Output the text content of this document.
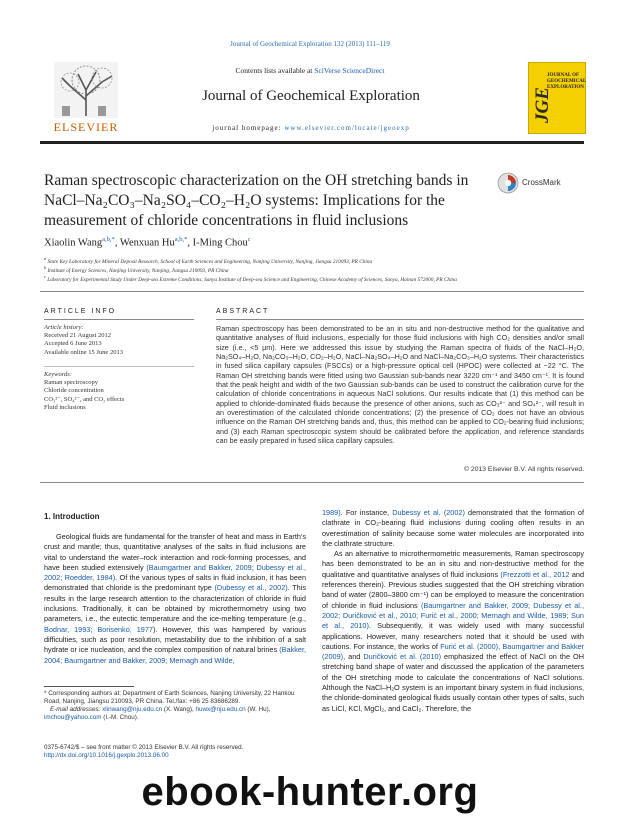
Journal of Geochemical Exploration 132 (2013) 111–119
ELSEVIER
Contents lists available at SciVerse ScienceDirect
Journal of Geochemical Exploration
journal homepage: www.elsevier.com/locate/jgeoexp
JGE
JOURNAL OF GEOCHEMICAL EXPLORATION
Raman spectroscopic characterization on the OH stretching bands in
NaCl–Na₂CO₃–Na₂SO₄–CO₂–H₂O systems: Implications for the
measurement of chloride concentrations in fluid inclusions
CrossMark
Xiaolin Wang$^{a,b,*}$, Wenxuan $Hu^{a,b,*}$, I-Ming Chou$^c$
$^a$ State Key Laboratory for Mineral Deposit Research, School of Earth Sciences and Engineering, Nanjing University, Nanjing, Jiangsu 210093, PR China
$^b$ Institute of Energy Sciences, Nanjing University, Nanjing, Jiangsu 210093, PR China
$^c$ Laboratory for Experimental Study Under Deep-sea Extreme Conditions, Sanya Institute of Deep-sea Science and Engineering, Chinese Academy of Sciences, Sanya, Hainan 572000, PR China
ARTICLE INFO	ABSTRACT
Article history:
Received 21 August 2012
Accepted 6 June 2013
Available online 15 June 2013
Keywords:
Raman spectroscopy
Chloride concentration
CO₃²⁻, SO₄²⁻, and CO₂ effects
Fluid inclusions
Raman spectroscopy has been demonstrated to be an in situ and non-destructive method for the qualitative and quantitative analyses of fluid inclusions, especially for those fluid inclusions with high CO₂ densities and/or small size (i.e., <5 μm). Here we addressed this issue by studying the Raman spectra of fluids of the NaCl–H₂O, Na₂SO₄–H₂O, Na₂CO₃–H₂O, CO₂–H₂O, NaCl–Na₂SO₄–H₂O and NaCl–Na₂CO₃–H₂O systems. Their characteristics in fused silica capillary capsules (FSCCs) or a high-pressure optical cell (HPOC) were collected at ~22 °C. The Raman OH stretching bands were fitted using two Gaussian sub-bands near 3220 cm⁻¹ and 3450 cm⁻¹. It is found that the peak height and width of the two Gaussian sub-bands can be used to construct the calibration curve for the calculation of chloride concentrations in aqueous NaCl solutions. Our results indicate that (1) this method can be applied to chloride-dominated fluids because the presence of other anions, such as CO₃²⁻ and SO₄²⁻, will result in an overestimation of the calculated chloride concentrations; (2) the presence of CO₂ does not have an obvious influence on the Raman OH stretching bands and, thus, this method can be applied to CO₂-bearing fluid inclusions; and (3) each Raman spectroscopic system should be calibrated before the application, and reference standards can be easily prepared in fused silica capillary capsules.
© 2013 Elsevier B.V. All rights reserved.
1. Introduction
Geological fluids are fundamental for the transfer of heat and mass in Earth's crust and mantle; thus, quantitative analyses of the salts in fluid inclusions are vital to understand the water–rock interaction and rock-forming processes, and have been studied extensively (Baumgartner and Bakker, 2009; Dubessy et al., 2002; Roedder, 1984). Of the various types of salts in fluid inclusion, it has been demonstrated that chloride is the predominant type (Dubessy et al., 2002). This results in the large research attention to the characterization of chloride in fluid inclusions. Traditionally, it can be obtained by microthermometry using two parameters, i.e., the eutectic temperature and the ice-melting temperature (e.g., Bodnar, 1993; Borisenko, 1977). However, this was hampered by various difficulties, such as poor resolution, metastability due to the inhibition of a salt hydrate or ice nucleation, and the complex composition of natural brines (Bakker, 2004; Baumgartner and Bakker, 2009; Mernagh and Wilde,
1989). For instance, Dubessy et al. (2002) demonstrated that the formation of clathrate in CO₂-bearing fluid inclusions during cooling often results in an overestimation of salinity because some water molecules are incorporated into the clathrate structure.
As an alternative to microthermometric measurements, Raman spectroscopy has been demonstrated to be an in situ and non-destructive method for the qualitative and quantitative analyses of fluid inclusions (Frezzotti et al., 2012 and references therein). Previous studies suggested that the OH stretching vibration band of water (2800–3800 cm⁻¹) can be employed to measure the concentration of chloride in fluid inclusions (Baumgartner and Bakker, 2009; Dubessy et al., 2002; Duričković et al., 2010; Furić et al., 2000; Mernagh and Wilde, 1989; Sun et al., 2010). Subsequently, it was widely used with many successful applications. However, many researchers noted that it should be used with cautions. For instance, the works of Furić et al. (2000), Baumgartner and Bakker (2009), and Duričković et al. (2010) emphasized the effect of NaCl on the OH stretching band shape of water and discussed the application of the parameters of the OH stretching mode to calculate the concentrations of NaCl solutions. Although the NaCl–H₂O system is an important binary system in fluid inclusions, the chloride-dominated geological fluids usually contain other types of salts, such as LiCl, KCl, MgCl₂, and CaCl₂. Therefore, the
* Corresponding authors at: Department of Earth Sciences, Nanjing University, 22 Hankou Road, Nanjing, Jiangsu 210093, PR China. Tel./fax: +86 25 83686289.
E-mail addresses: xlinwang@nju.edu.cn (X. Wang), huwx@nju.edu.cn (W. Hu), imchou@yahoo.com (I.-M. Chou).
0375-6742/$ – see front matter © 2013 Elsevier B.V. All rights reserved.
http://dx.doi.org/10.1016/j.gexplo.2013.06.00
ebook-hunter.org
